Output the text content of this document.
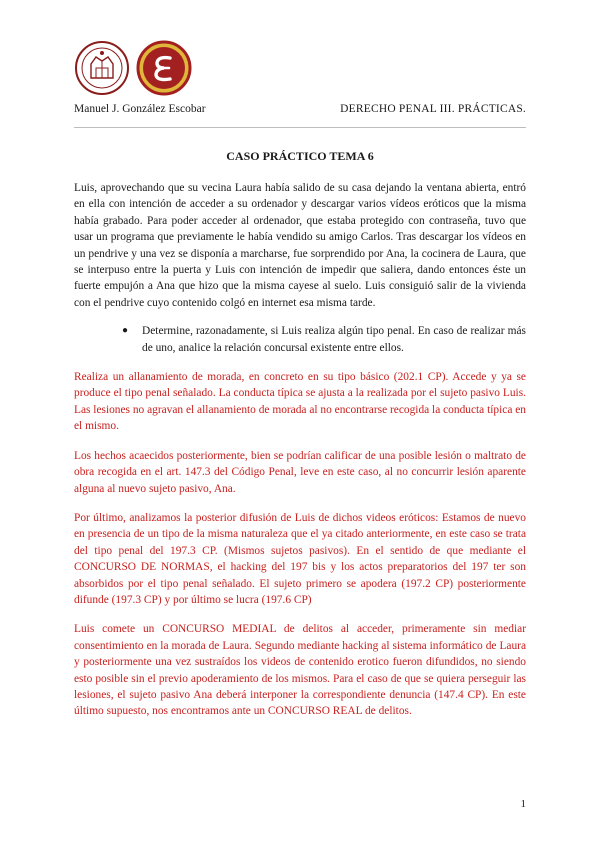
Manuel J. González Escobar	DERECHO PENAL III. PRÁCTICAS.
CASO PRÁCTICO TEMA 6

Luis, aprovechando que su vecina Laura había salido de su casa dejando la ventana abierta, entró en ella con intención de acceder a su ordenador y descargar varios vídeos eróticos que la misma había grabado. Para poder acceder al ordenador, que estaba protegido con contraseña, tuvo que usar un programa que previamente le había vendido su amigo Carlos. Tras descargar los vídeos en un pendrive y una vez se disponía a marcharse, fue sorprendido por Ana, la cocinera de Laura, que se interpuso entre la puerta y Luis con intención de impedir que saliera, dando entonces éste un fuerte empujón a Ana que hizo que la misma cayese al suelo. Luis consiguió salir de la vivienda con el pendrive cuyo contenido colgó en internet esa misma tarde.

●	Determine, razonadamente, si Luis realiza algún tipo penal. En caso de realizar más de uno, analice la relación concursal existente entre ellos.

Realiza un allanamiento de morada, en concreto en su tipo básico (202.1 CP). Accede y ya se produce el tipo penal señalado. La conducta típica se ajusta a la realizada por el sujeto pasivo Luis. Las lesiones no agravan el allanamiento de morada al no encontrarse recogida la conducta típica en el mismo.

Los hechos acaecidos posteriormente, bien se podrían calificar de una posible lesión o maltrato de obra recogida en el art. 147.3 del Código Penal, leve en este caso, al no concurrir lesión aparente alguna al nuevo sujeto pasivo, Ana.

Por último, analizamos la posterior difusión de Luis de dichos videos eróticos: Estamos de nuevo en presencia de un tipo de la misma naturaleza que el ya citado anteriormente, en este caso se trata del tipo penal del 197.3 CP. (Mismos sujetos pasivos). En el sentido de que mediante el CONCURSO DE NORMAS, el hacking del 197 bis y los actos preparatorios del 197 ter son absorbidos por el tipo penal señalado. El sujeto primero se apodera (197.2 CP) posteriormente difunde (197.3 CP) y por último se lucra (197.6 CP)

Luis comete un CONCURSO MEDIAL de delitos al acceder, primeramente sin mediar consentimiento en la morada de Laura. Segundo mediante hacking al sistema informático de Laura y posteriormente una vez sustraídos los videos de contenido erotico fueron difundidos, no siendo esto posible sin el previo apoderamiento de los mismos. Para el caso de que se quiera perseguir las lesiones, el sujeto pasivo Ana deberá interponer la correspondiente denuncia (147.4 CP). En este último supuesto, nos encontramos ante un CONCURSO REAL de delitos.

1
